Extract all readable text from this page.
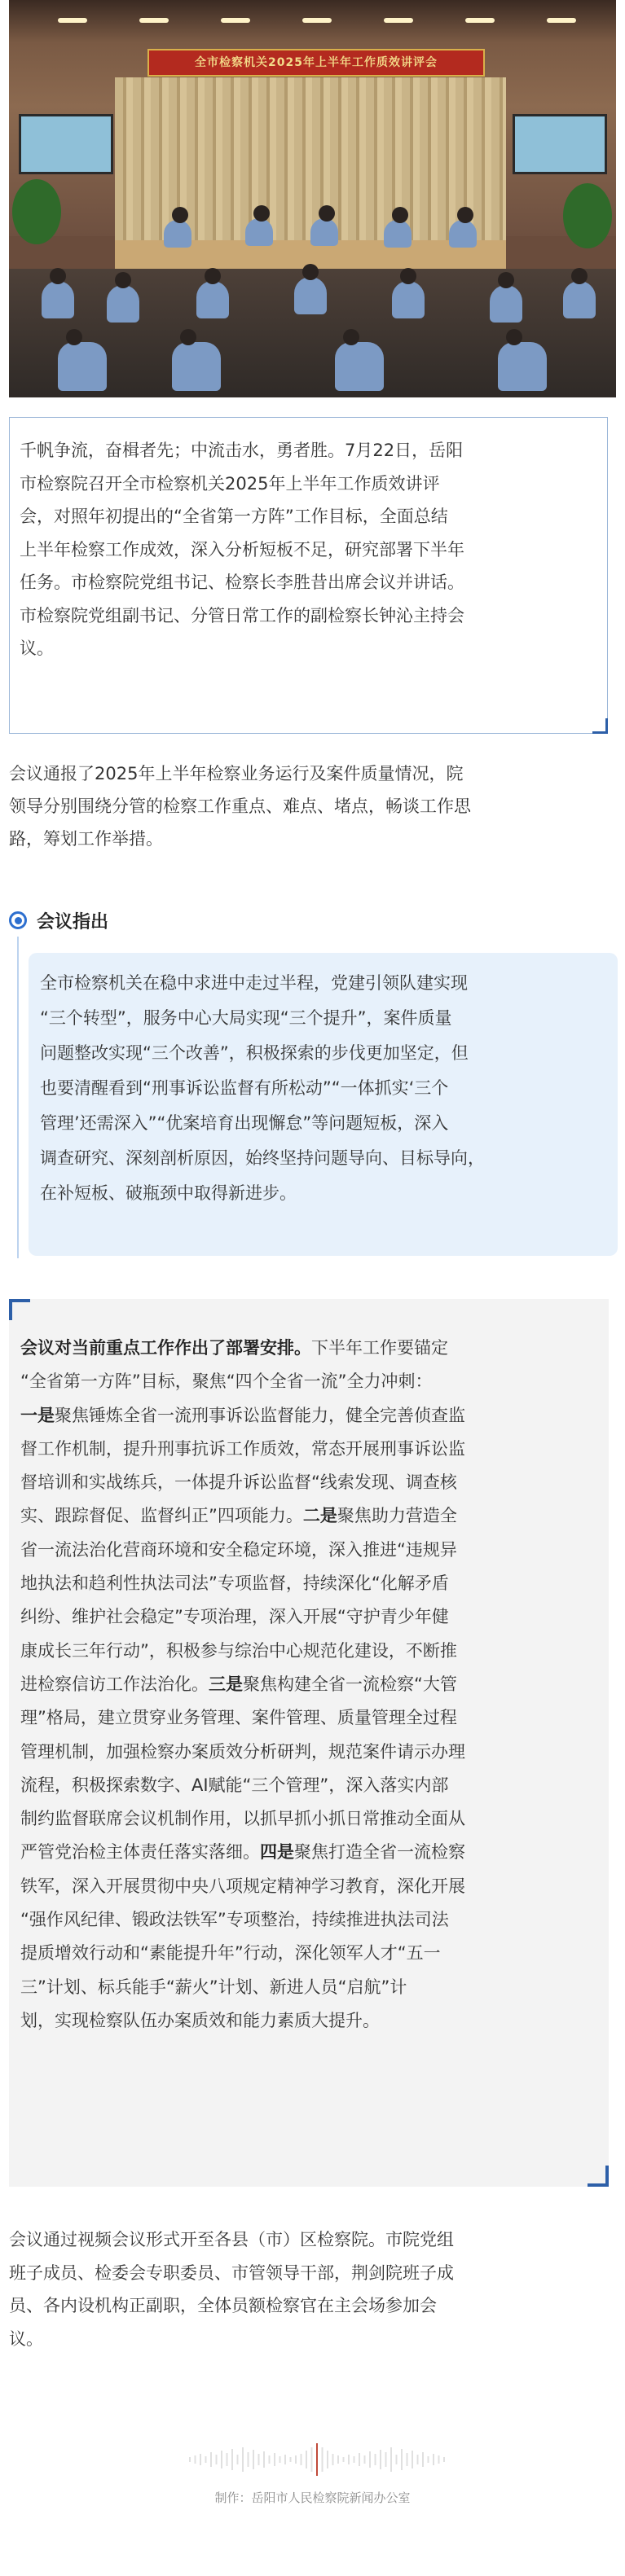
全市检察机关2025年上半年工作质效讲评会
千帆争流，奋楫者先；中流击水，勇者胜。7月22日，岳阳
市检察院召开全市检察机关2025年上半年工作质效讲评
会，对照年初提出的“全省第一方阵”工作目标，全面总结
上半年检察工作成效，深入分析短板不足，研究部署下半年
任务。市检察院党组书记、检察长李胜昔出席会议并讲话。
市检察院党组副书记、分管日常工作的副检察长钟沁主持会
议。
会议通报了2025年上半年检察业务运行及案件质量情况，院
领导分别围绕分管的检察工作重点、难点、堵点，畅谈工作思
路，筹划工作举措。
会议指出
全市检察机关在稳中求进中走过半程，党建引领队建实现
“三个转型”，服务中心大局实现“三个提升”，案件质量
问题整改实现“三个改善”，积极探索的步伐更加坚定，但
也要清醒看到“刑事诉讼监督有所松动”“一体抓实‘三个
管理’还需深入”“优案培育出现懈怠”等问题短板，深入
调查研究、深刻剖析原因，始终坚持问题导向、目标导向，
在补短板、破瓶颈中取得新进步。
会议对当前重点工作作出了部署安排。下半年工作要锚定
“全省第一方阵”目标，聚焦“四个全省一流”全力冲刺：
一是聚焦锤炼全省一流刑事诉讼监督能力，健全完善侦查监
督工作机制，提升刑事抗诉工作质效，常态开展刑事诉讼监
督培训和实战练兵，一体提升诉讼监督“线索发现、调查核
实、跟踪督促、监督纠正”四项能力。二是聚焦助力营造全
省一流法治化营商环境和安全稳定环境，深入推进“违规异
地执法和趋利性执法司法”专项监督，持续深化“化解矛盾
纠纷、维护社会稳定”专项治理，深入开展“守护青少年健
康成长三年行动”，积极参与综治中心规范化建设，不断推
进检察信访工作法治化。三是聚焦构建全省一流检察“大管
理”格局，建立贯穿业务管理、案件管理、质量管理全过程
管理机制，加强检察办案质效分析研判，规范案件请示办理
流程，积极探索数字、AI赋能“三个管理”，深入落实内部
制约监督联席会议机制作用，以抓早抓小抓日常推动全面从
严管党治检主体责任落实落细。四是聚焦打造全省一流检察
铁军，深入开展贯彻中央八项规定精神学习教育，深化开展
“强作风纪律、锻政法铁军”专项整治，持续推进执法司法
提质增效行动和“素能提升年”行动，深化领军人才“五一
三”计划、标兵能手“薪火”计划、新进人员“启航”计
划，实现检察队伍办案质效和能力素质大提升。
会议通过视频会议形式开至各县（市）区检察院。市院党组
班子成员、检委会专职委员、市管领导干部，荆剑院班子成
员、各内设机构正副职，全体员额检察官在主会场参加会
议。
制作：岳阳市人民检察院新闻办公室
